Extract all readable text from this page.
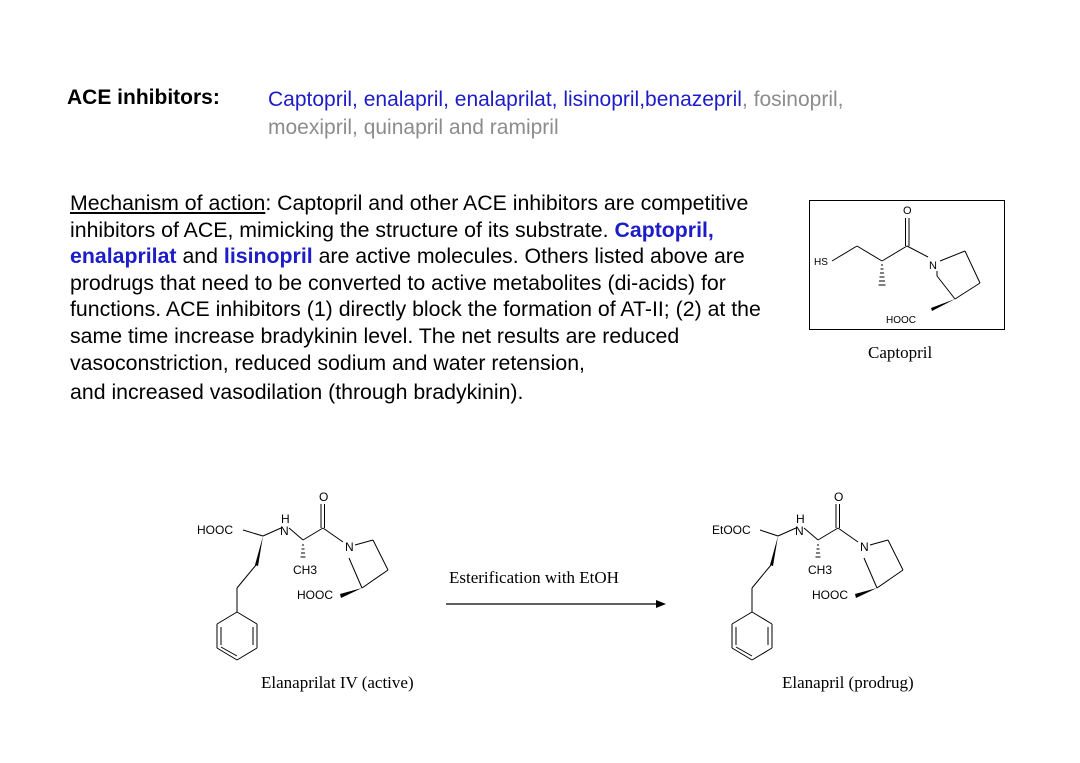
ACE inhibitors: Captopril, enalapril, enalaprilat, lisinopril,benazepril, fosinopril,
moexipril, quinapril and ramipril
Mechanism of action: Captopril and other ACE inhibitors are competitive inhibitors of ACE, mimicking the structure of its substrate. Captopril, enalaprilat and lisinopril are active molecules. Others listed above are prodrugs that need to be converted to active metabolites (di-acids) for functions. ACE inhibitors (1) directly block the formation of AT-II; (2) at the same time increase bradykinin level. The net results are reduced vasoconstriction, reduced sodium and water retension,
and increased vasodilation (through bradykinin).
HS
O
N
HOOC
Captopril
HOOC
H
N
O
N
CH3
HOOC
Elanaprilat IV (active)
Esterification with EtOH
EtOOC
H
N
O
N
CH3
HOOC
Elanapril (prodrug)
